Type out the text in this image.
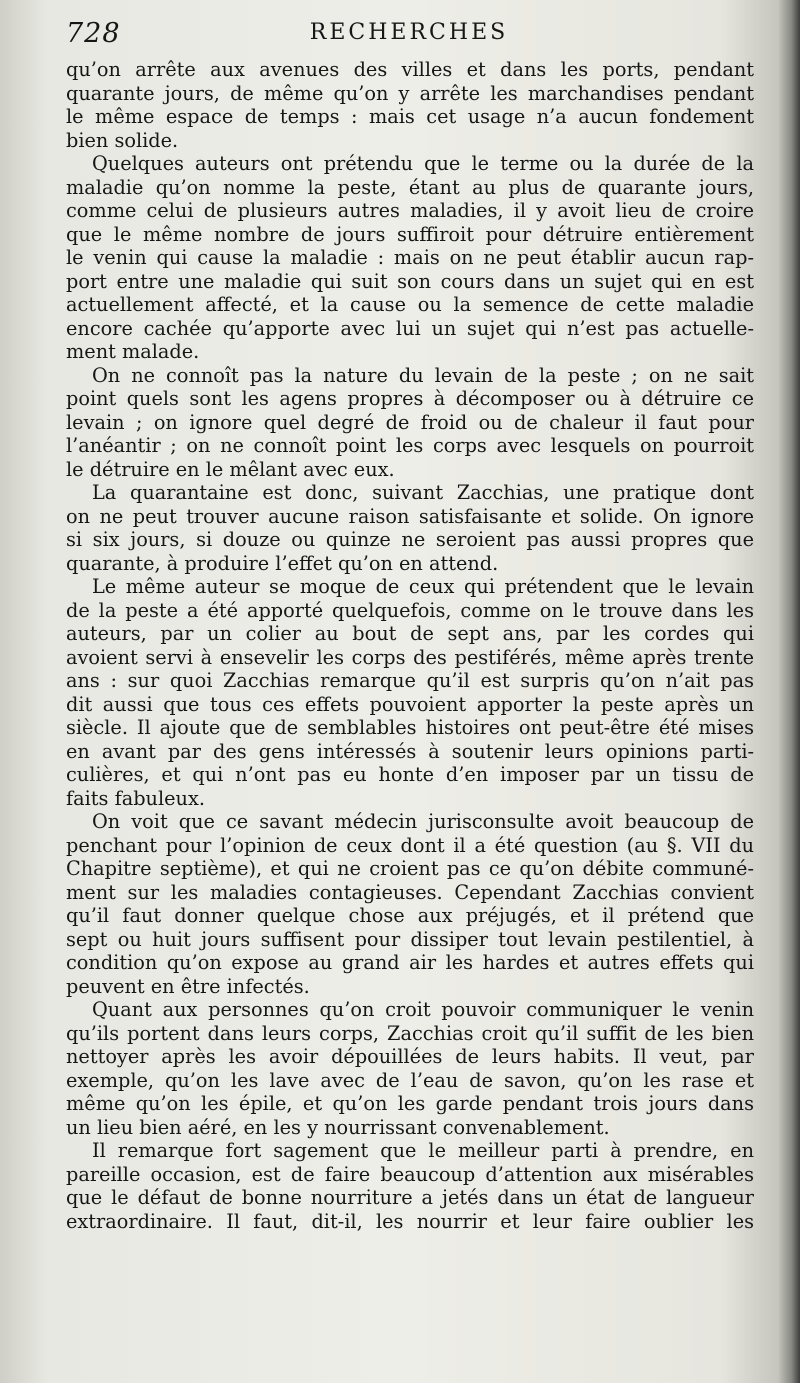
728	RECHERCHES
qu’on arrête aux avenues des villes et dans les ports, pendant
quarante jours, de même qu’on y arrête les marchandises pendant
le même espace de temps : mais cet usage n’a aucun fondement
bien solide.
Quelques auteurs ont prétendu que le terme ou la durée de la
maladie qu’on nomme la peste, étant au plus de quarante jours,
comme celui de plusieurs autres maladies, il y avoit lieu de croire
que le même nombre de jours suffiroit pour détruire entièrement
le venin qui cause la maladie : mais on ne peut établir aucun rap-
port entre une maladie qui suit son cours dans un sujet qui en est
actuellement affecté, et la cause ou la semence de cette maladie
encore cachée qu’apporte avec lui un sujet qui n’est pas actuelle-
ment malade.
On ne connoît pas la nature du levain de la peste ; on ne sait
point quels sont les agens propres à décomposer ou à détruire ce
levain ; on ignore quel degré de froid ou de chaleur il faut pour
l’anéantir ; on ne connoît point les corps avec lesquels on pourroit
le détruire en le mêlant avec eux.
La quarantaine est donc, suivant Zacchias, une pratique dont
on ne peut trouver aucune raison satisfaisante et solide. On ignore
si six jours, si douze ou quinze ne seroient pas aussi propres que
quarante, à produire l’effet qu’on en attend.
Le même auteur se moque de ceux qui prétendent que le levain
de la peste a été apporté quelquefois, comme on le trouve dans les
auteurs, par un colier au bout de sept ans, par les cordes qui
avoient servi à ensevelir les corps des pestiférés, même après trente
ans : sur quoi Zacchias remarque qu’il est surpris qu’on n’ait pas
dit aussi que tous ces effets pouvoient apporter la peste après un
siècle. Il ajoute que de semblables histoires ont peut-être été mises
en avant par des gens intéressés à soutenir leurs opinions parti-
culières, et qui n’ont pas eu honte d’en imposer par un tissu de
faits fabuleux.
On voit que ce savant médecin jurisconsulte avoit beaucoup de
penchant pour l’opinion de ceux dont il a été question (au §. VII du
Chapitre septième), et qui ne croient pas ce qu’on débite communé-
ment sur les maladies contagieuses. Cependant Zacchias convient
qu’il faut donner quelque chose aux préjugés, et il prétend que
sept ou huit jours suffisent pour dissiper tout levain pestilentiel, à
condition qu’on expose au grand air les hardes et autres effets qui
peuvent en être infectés.
Quant aux personnes qu’on croit pouvoir communiquer le venin
qu’ils portent dans leurs corps, Zacchias croit qu’il suffit de les bien
nettoyer après les avoir dépouillées de leurs habits. Il veut, par
exemple, qu’on les lave avec de l’eau de savon, qu’on les rase et
même qu’on les épile, et qu’on les garde pendant trois jours dans
un lieu bien aéré, en les y nourrissant convenablement.
Il remarque fort sagement que le meilleur parti à prendre, en
pareille occasion, est de faire beaucoup d’attention aux misérables
que le défaut de bonne nourriture a jetés dans un état de langueur
extraordinaire. Il faut, dit-il, les nourrir et leur faire oublier les
